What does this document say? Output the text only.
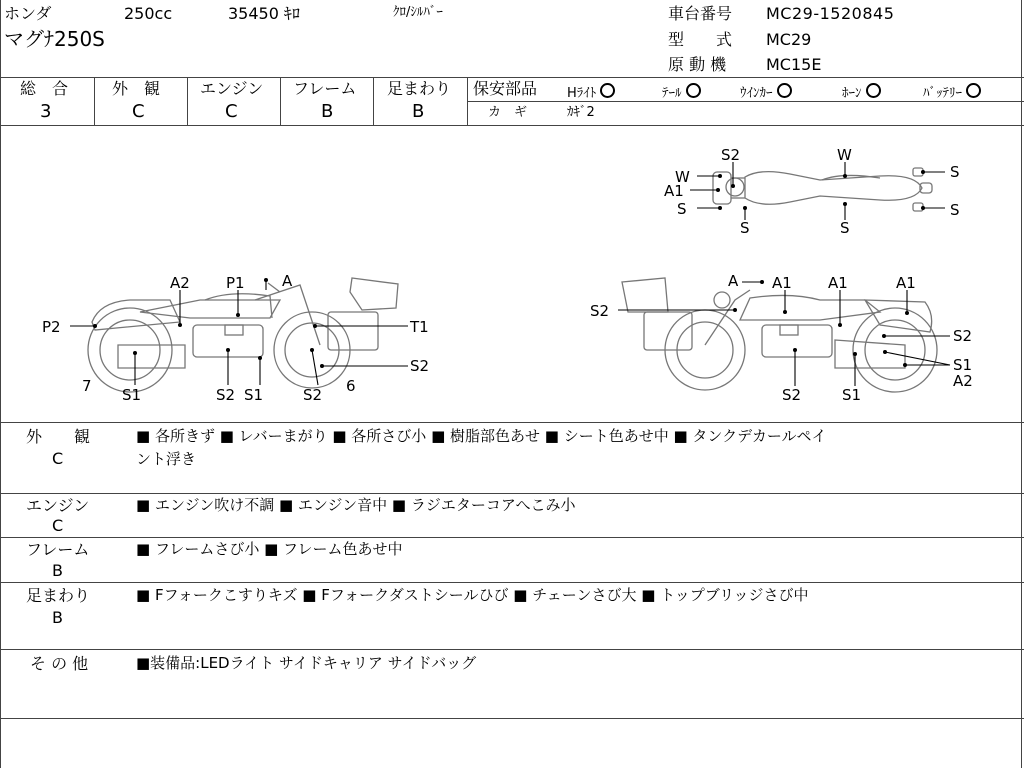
ホンダ	250cc	35450 ｷﾛ	ｸﾛ/ｼﾙﾊﾞｰ
マグﾅ250S
車台番号 MC29-1520845
型　　式 MC29
原 動 機 MC15E
総　合
3
外　観
C
エンジン
C
フレーム
B
足まわり
B
保安部品 Hﾗｲﾄ	ﾃｰﾙ	ｳｲﾝｶｰ	ﾎｰﾝ	ﾊﾞｯﾃﾘｰ
カ　ギ	ｶｷﾞ2
W
S2	W
S
A1
S
S	S
S
A2 P1 A
P2	T1
7 S1	S2 S1	S2
S2
6
A A1 A1	A1
S2
S2
S1
A2
S2	S1
外　　観
C
■ 各所きず ■ レバーまがり ■ 各所さび小 ■ 樹脂部色あせ ■ シート色あせ中 ■ タンクデカールペイ
ント浮き
エンジン
C
■ エンジン吹け不調 ■ エンジン音中 ■ ラジエターコアへこみ小
フレーム
B
■ フレームさび小 ■ フレーム色あせ中
足まわり
B
■ Fフォークこすりキズ ■ Fフォークダストシールひび ■ チェーンさび大 ■ トップブリッジさび中
そ の 他	■装備品:LEDライト サイドキャリア サイドバッグ
